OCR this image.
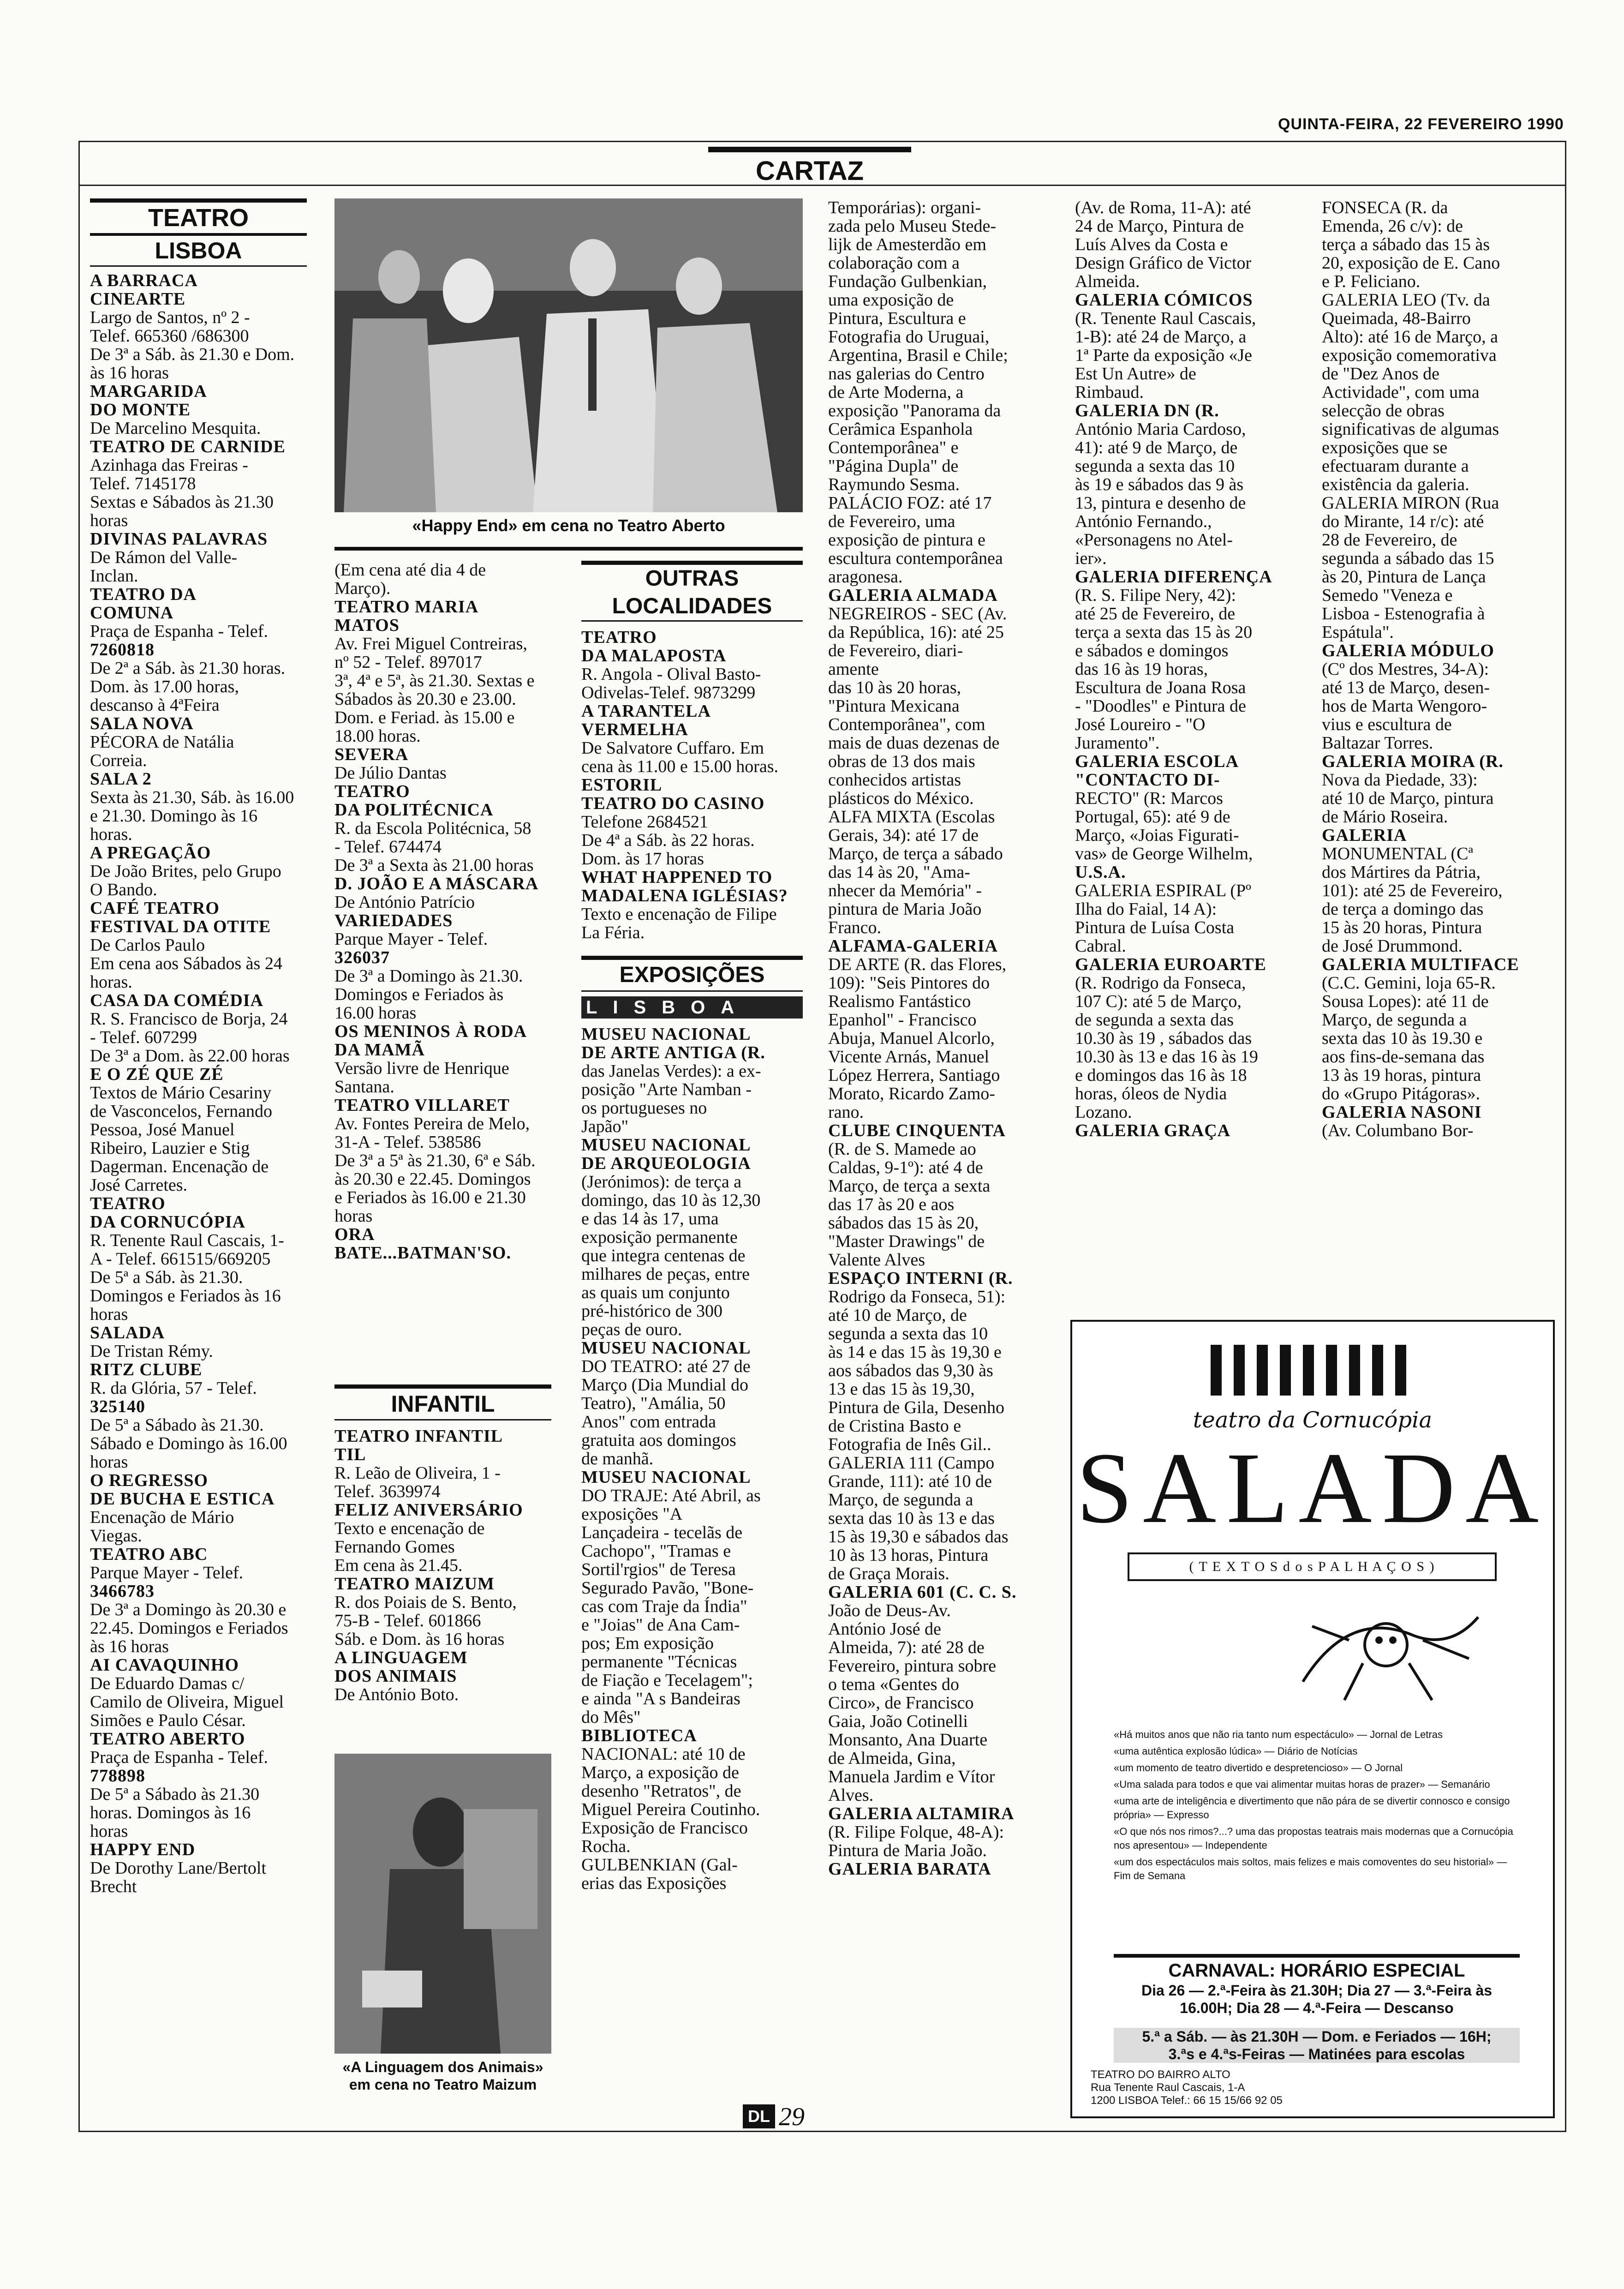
QUINTA-FEIRA, 22 FEVEREIRO 1990
CARTAZ
TEATRO
LISBOA

A BARRACA

CINEARTE

Largo de Santos, nº 2 -

Telef. 665360 /686300

De 3ª a Sáb. às 21.30 e Dom.

às 16 horas

MARGARIDA

DO MONTE

De Marcelino Mesquita.

TEATRO DE CARNIDE

Azinhaga das Freiras -

Telef. 7145178

Sextas e Sábados às 21.30

horas

DIVINAS PALAVRAS

De Rámon del Valle-

Inclan.

TEATRO DA

COMUNA

Praça de Espanha - Telef.

7260818

De 2ª a Sáb. às 21.30 horas.

Dom. às 17.00 horas,

descanso à 4ªFeira

SALA NOVA

PÉCORA de Natália

Correia.

SALA 2

Sexta às 21.30, Sáb. às 16.00

e 21.30. Domingo às 16

horas.

A PREGAÇÃO

De João Brites, pelo Grupo

O Bando.

CAFÉ TEATRO

FESTIVAL DA OTITE

De Carlos Paulo

Em cena aos Sábados às 24

horas.

CASA DA COMÉDIA

R. S. Francisco de Borja, 24

- Telef. 607299

De 3ª a Dom. às 22.00 horas

E O ZÉ QUE ZÉ

Textos de Mário Cesariny

de Vasconcelos, Fernando

Pessoa, José Manuel

Ribeiro, Lauzier e Stig

Dagerman. Encenação de

José Carretes.

TEATRO

DA CORNUCÓPIA

R. Tenente Raul Cascais, 1-

A - Telef. 661515/669205

De 5ª a Sáb. às 21.30.

Domingos e Feriados às 16

horas

SALADA

De Tristan Rémy.

RITZ CLUBE

R. da Glória, 57 - Telef.

325140

De 5ª a Sábado às 21.30.

Sábado e Domingo às 16.00

horas

O REGRESSO

DE BUCHA E ESTICA

Encenação de Mário

Viegas.

TEATRO ABC

Parque Mayer - Telef.

3466783

De 3ª a Domingo às 20.30 e

22.45. Domingos e Feriados

às 16 horas

AI CAVAQUINHO

De Eduardo Damas c/

Camilo de Oliveira, Miguel

Simões e Paulo César.

TEATRO ABERTO

Praça de Espanha - Telef.

778898

De 5ª a Sábado às 21.30

horas. Domingos às 16

horas

HAPPY END

De Dorothy Lane/Bertolt

Brecht

«Happy End» em cena no Teatro Aberto

(Em cena até dia 4 de

Março).

TEATRO MARIA

MATOS

Av. Frei Miguel Contreiras,

nº 52 - Telef. 897017

3ª, 4ª e 5ª, às 21.30. Sextas e

Sábados às 20.30 e 23.00.

Dom. e Feriad. às 15.00 e

18.00 horas.

SEVERA

De Júlio Dantas

TEATRO

DA POLITÉCNICA

R. da Escola Politécnica, 58

- Telef. 674474

De 3ª a Sexta às 21.00 horas

D. JOÃO E A MÁSCARA

De António Patrício

VARIEDADES

Parque Mayer - Telef.

326037

De 3ª a Domingo às 21.30.

Domingos e Feriados às

16.00 horas

OS MENINOS À RODA

DA MAMÃ

Versão livre de Henrique

Santana.

TEATRO VILLARET

Av. Fontes Pereira de Melo,

31-A - Telef. 538586

De 3ª a 5ª às 21.30, 6ª e Sáb.

às 20.30 e 22.45. Domingos

e Feriados às 16.00 e 21.30

horas

ORA

BATE...BATMAN'SO.

INFANTIL

TEATRO INFANTIL

TIL

R. Leão de Oliveira, 1 -

Telef. 3639974

FELIZ ANIVERSÁRIO

Texto e encenação de

Fernando Gomes

Em cena às 21.45.

TEATRO MAIZUM

R. dos Poiais de S. Bento,

75-B - Telef. 601866

Sáb. e Dom. às 16 horas

A LINGUAGEM

DOS ANIMAIS

De António Boto.

«A Linguagem dos Animais» em cena no Teatro Maizum
OUTRAS LOCALIDADES

TEATRO

DA MALAPOSTA

R. Angola - Olival Basto-

Odivelas-Telef. 9873299

A TARANTELA

VERMELHA

De Salvatore Cuffaro. Em

cena às 11.00 e 15.00 horas.

ESTORIL

TEATRO DO CASINO

Telefone 2684521

De 4ª a Sáb. às 22 horas.

Dom. às 17 horas

WHAT HAPPENED TO

MADALENA IGLÉSIAS?

Texto e encenação de Filipe

La Féria.

EXPOSIÇÕES
LISBOA

MUSEU NACIONAL

DE ARTE ANTIGA (R.

das Janelas Verdes): a ex-

posição "Arte Namban -

os portugueses no

Japão"

MUSEU NACIONAL

DE ARQUEOLOGIA

(Jerónimos): de terça a

domingo, das 10 às 12,30

e das 14 às 17, uma

exposição permanente

que integra centenas de

milhares de peças, entre

as quais um conjunto

pré-histórico de 300

peças de ouro.

MUSEU NACIONAL

DO TEATRO: até 27 de

Março (Dia Mundial do

Teatro), "Amália, 50

Anos" com entrada

gratuita aos domingos

de manhã.

MUSEU NACIONAL

DO TRAJE: Até Abril, as

exposições "A

Lançadeira - tecelãs de

Cachopo", "Tramas e

Sortil'rgios" de Teresa

Segurado Pavão, "Bone-

cas com Traje da Índia"

e "Joias" de Ana Cam-

pos; Em exposição

permanente "Técnicas

de Fiação e Tecelagem";

e ainda "A s Bandeiras

do Mês"

BIBLIOTECA

NACIONAL: até 10 de

Março, a exposição de

desenho "Retratos", de

Miguel Pereira Coutinho.

Exposição de Francisco

Rocha.

GULBENKIAN (Gal-

erias das Exposições

Temporárias): organi-

zada pelo Museu Stede-

lijk de Amesterdão em

colaboração com a

Fundação Gulbenkian,

uma exposição de

Pintura, Escultura e

Fotografia do Uruguai,

Argentina, Brasil e Chile;

nas galerias do Centro

de Arte Moderna, a

exposição "Panorama da

Cerâmica Espanhola

Contemporânea" e

"Página Dupla" de

Raymundo Sesma.

PALÁCIO FOZ: até 17

de Fevereiro, uma

exposição de pintura e

escultura contemporânea

aragonesa.

GALERIA ALMADA

NEGREIROS - SEC (Av.

da República, 16): até 25

de Fevereiro, diari-

amente

das 10 às 20 horas,

"Pintura Mexicana

Contemporânea", com

mais de duas dezenas de

obras de 13 dos mais

conhecidos artistas

plásticos do México.

ALFA MIXTA (Escolas

Gerais, 34): até 17 de

Março, de terça a sábado

das 14 às 20, "Ama-

nhecer da Memória" -

pintura de Maria João

Franco.

ALFAMA-GALERIA

DE ARTE (R. das Flores,

109): "Seis Pintores do

Realismo Fantástico

Epanhol" - Francisco

Abuja, Manuel Alcorlo,

Vicente Arnás, Manuel

López Herrera, Santiago

Morato, Ricardo Zamo-

rano.

CLUBE CINQUENTA

(R. de S. Mamede ao

Caldas, 9-1º): até 4 de

Março, de terça a sexta

das 17 às 20 e aos

sábados das 15 às 20,

"Master Drawings" de

Valente Alves

ESPAÇO INTERNI (R.

Rodrigo da Fonseca, 51):

até 10 de Março, de

segunda a sexta das 10

às 14 e das 15 às 19,30 e

aos sábados das 9,30 às

13 e das 15 às 19,30,

Pintura de Gila, Desenho

de Cristina Basto e

Fotografia de Inês Gil..

GALERIA 111 (Campo

Grande, 111): até 10 de

Março, de segunda a

sexta das 10 às 13 e das

15 às 19,30 e sábados das

10 às 13 horas, Pintura

de Graça Morais.

GALERIA 601 (C. C. S.

João de Deus-Av.

António José de

Almeida, 7): até 28 de

Fevereiro, pintura sobre

o tema «Gentes do

Circo», de Francisco

Gaia, João Cotinelli

Monsanto, Ana Duarte

de Almeida, Gina,

Manuela Jardim e Vítor

Alves.

GALERIA ALTAMIRA

(R. Filipe Folque, 48-A):

Pintura de Maria João.

GALERIA BARATA

(Av. de Roma, 11-A): até

24 de Março, Pintura de

Luís Alves da Costa e

Design Gráfico de Victor

Almeida.

GALERIA CÓMICOS

(R. Tenente Raul Cascais,

1-B): até 24 de Março, a

1ª Parte da exposição «Je

Est Un Autre» de

Rimbaud.

GALERIA DN (R.

António Maria Cardoso,

41): até 9 de Março, de

segunda a sexta das 10

às 19 e sábados das 9 às

13, pintura e desenho de

António Fernando.,

«Personagens no Atel-

ier».

GALERIA DIFERENÇA

(R. S. Filipe Nery, 42):

até 25 de Fevereiro, de

terça a sexta das 15 às 20

e sábados e domingos

das 16 às 19 horas,

Escultura de Joana Rosa

- "Doodles" e Pintura de

José Loureiro - "O

Juramento".

GALERIA ESCOLA

"CONTACTO DI-

RECTO" (R: Marcos

Portugal, 65): até 9 de

Março, «Joias Figurati-

vas» de George Wilhelm,

U.S.A.

GALERIA ESPIRAL (Pº

Ilha do Faial, 14 A):

Pintura de Luísa Costa

Cabral.

GALERIA EUROARTE

(R. Rodrigo da Fonseca,

107 C): até 5 de Março,

de segunda a sexta das

10.30 às 19 , sábados das

10.30 às 13 e das 16 às 19

e domingos das 16 às 18

horas, óleos de Nydia

Lozano.

GALERIA GRAÇA

FONSECA (R. da

Emenda, 26 c/v): de

terça a sábado das 15 às

20, exposição de E. Cano

e P. Feliciano.

GALERIA LEO (Tv. da

Queimada, 48-Bairro

Alto): até 16 de Março, a

exposição comemorativa

de "Dez Anos de

Actividade", com uma

selecção de obras

significativas de algumas

exposições que se

efectuaram durante a

existência da galeria.

GALERIA MIRON (Rua

do Mirante, 14 r/c): até

28 de Fevereiro, de

segunda a sábado das 15

às 20, Pintura de Lança

Semedo "Veneza e

Lisboa - Estenografia à

Espátula".

GALERIA MÓDULO

(Cº dos Mestres, 34-A):

até 13 de Março, desen-

hos de Marta Wengoro-

vius e escultura de

Baltazar Torres.

GALERIA MOIRA (R.

Nova da Piedade, 33):

até 10 de Março, pintura

de Mário Roseira.

GALERIA

MONUMENTAL (Cª

dos Mártires da Pátria,

101): até 25 de Fevereiro,

de terça a domingo das

15 às 20 horas, Pintura

de José Drummond.

GALERIA MULTIFACE

(C.C. Gemini, loja 65-R.

Sousa Lopes): até 11 de

Março, de segunda a

sexta das 10 às 19.30 e

aos fins-de-semana das

13 às 19 horas, pintura

do «Grupo Pitágoras».

GALERIA NASONI

(Av. Columbano Bor-

teatro da Cornucópia
SALADA
( T E X T O S d o s P A L H A Ç O S )

«Há muitos anos que não ria tanto num espectáculo» — Jornal de Letras

«uma autêntica explosão lúdica» — Diário de Notícias

«um momento de teatro divertido e despretencioso» — O Jornal

«Uma salada para todos e que vai alimentar muitas horas de prazer» — Semanário

«uma arte de inteligência e divertimento que não pára de se divertir connosco e consigo própria» — Expresso

«O que nós nos rimos?...? uma das propostas teatrais mais modernas que a Cornucópia nos apresentou» — Independente

«um dos espectáculos mais soltos, mais felizes e mais comoventes do seu historial» — Fim de Semana

CARNAVAL: HORÁRIO ESPECIAL
Dia 26 — 2.ª-Feira às 21.30H; Dia 27 — 3.ª-Feira às
16.00H; Dia 28 — 4.ª-Feira — Descanso
5.ª a Sáb. — às 21.30H — Dom. e Feriados — 16H;
3.ªs e 4.ªs-Feiras — Matinées para escolas
TEATRO DO BAIRRO ALTO
Rua Tenente Raul Cascais, 1-A
1200 LISBOA Telef.: 66 15 15/66 92 05
DL 29
